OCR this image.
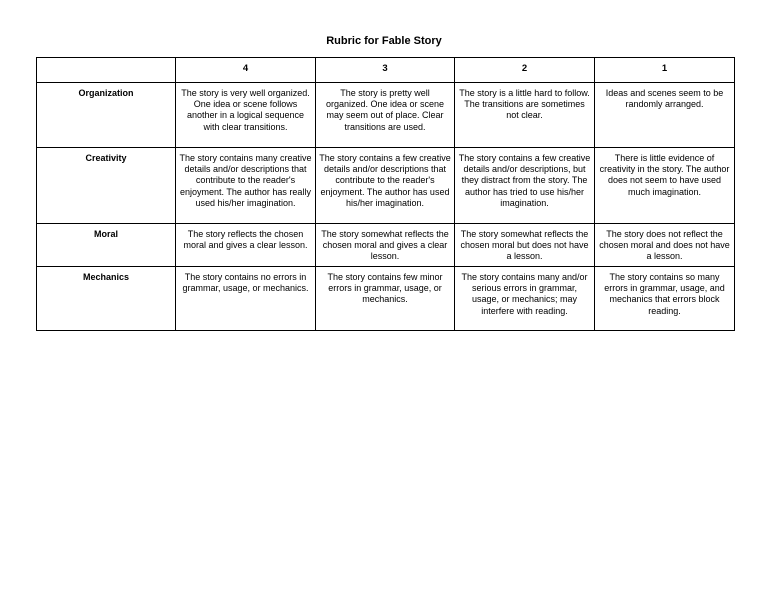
Rubric for Fable Story
	4	3	2	1
Organization	The story is very well organized. One idea or scene follows another in a logical sequence with clear transitions.	The story is pretty well organized. One idea or scene may seem out of place. Clear transitions are used.	The story is a little hard to follow. The transitions are sometimes not clear.	Ideas and scenes seem to be randomly arranged.
Creativity	The story contains many creative details and/or descriptions that contribute to the reader's enjoyment. The author has really used his/her imagination.	The story contains a few creative details and/or descriptions that contribute to the reader's enjoyment. The author has used his/her imagination.	The story contains a few creative details and/or descriptions, but they distract from the story. The author has tried to use his/her imagination.	There is little evidence of creativity in the story. The author does not seem to have used much imagination.
Moral	The story reflects the chosen moral and gives a clear lesson.	The story somewhat reflects the chosen moral and gives a clear lesson.	The story somewhat reflects the chosen moral but does not have a lesson.	The story does not reflect the chosen moral and does not have a lesson.
Mechanics	The story contains no errors in grammar, usage, or mechanics.	The story contains few minor errors in grammar, usage, or mechanics.	The story contains many and/or serious errors in grammar, usage, or mechanics; may interfere with reading.	The story contains so many errors in grammar, usage, and mechanics that errors block reading.
